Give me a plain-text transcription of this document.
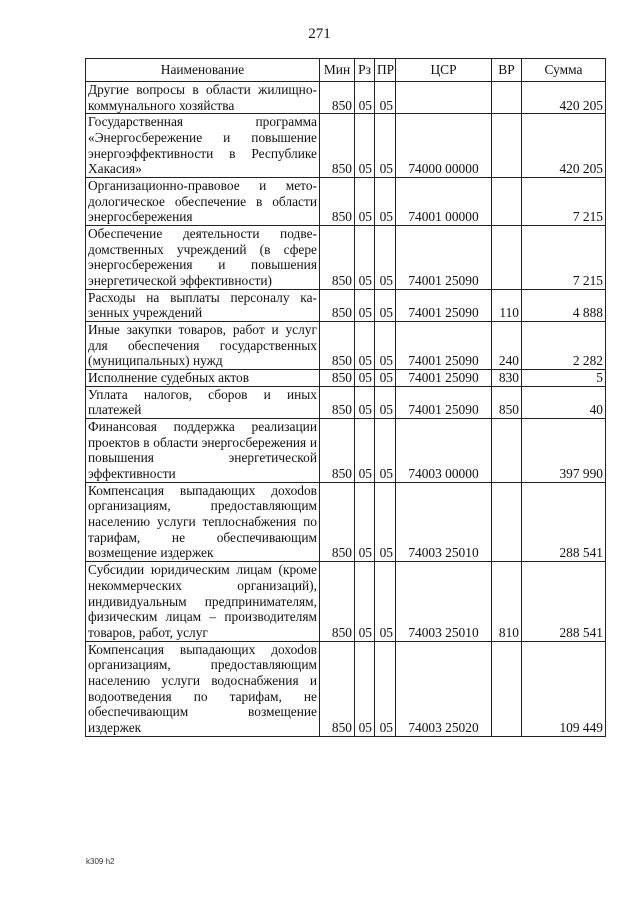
271
Наименование	Мин	Рз	ПР	ЦСР	ВР	Сумма
Другие вопросы в области жилищно-коммунального хозяйства	850	05	05			420 205
Государственная программа «Энергосбережение и повышение энергоэффективности в Республике Хакасия»	850	05	05	74000 00000		420 205
Организационно-правовое и методологическое обеспечение в области энергосбережения	850	05	05	74001 00000		7 215
Обеспечение деятельности подведомственных учреждений (в сфере энергосбережения и повышения энергетической эффективности)	850	05	05	74001 25090		7 215
Расходы на выплаты персоналу казенных учреждений	850	05	05	74001 25090	110	4 888
Иные закупки товаров, работ и услуг для обеспечения государственных (муниципальных) нужд	850	05	05	74001 25090	240	2 282
Исполнение судебных актов	850	05	05	74001 25090	830	5
Уплата налогов, сборов и иных платежей	850	05	05	74001 25090	850	40
Финансовая поддержка реализации проектов в области энергосбережения и повышения энергетической эффективности	850	05	05	74003 00000		397 990
Компенсация выпадающих дохоdов организациям, предоставляющим населению услуги теплоснабжения по тарифам, не обеспечивающим возмещение издержек	850	05	05	74003 25010		288 541
Субсидии юридическим лицам (кроме некоммерческих организаций), индивидуальным предпринимателям, физическим лицам – производителям товаров, работ, услуг	850	05	05	74003 25010	810	288 541
Компенсация выпадающих дохоdов организациям, предоставляющим населению услуги водоснабжения и водоотведения по тарифам, не обеспечивающим возмещение издержек	850	05	05	74003 25020		109 449
k309 h2
